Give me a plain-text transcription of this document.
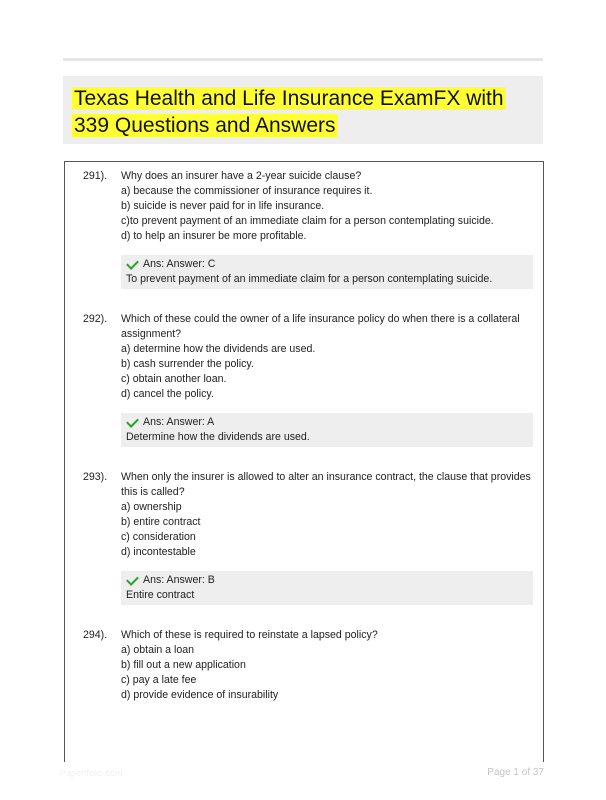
Texas Health and Life Insurance ExamFX with 339 Questions and Answers
291). Why does an insurer have a 2-year suicide clause?

a) because the commissioner of insurance requires it.

b) suicide is never paid for in life insurance.

c)to prevent payment of an immediate claim for a person contemplating suicide.

d) to help an insurer be more profitable.

Ans: Answer: C
To prevent payment of an immediate claim for a person contemplating suicide.
292). Which of these could the owner of a life insurance policy do when there is a collateral assignment?

a) determine how the dividends are used.

b) cash surrender the policy.

c) obtain another loan.

d) cancel the policy.

Ans: Answer: A
Determine how the dividends are used.
293). When only the insurer is allowed to alter an insurance contract, the clause that provides this is called?

a) ownership

b) entire contract

c) consideration

d) incontestable

Ans: Answer: B
Entire contract
294). Which of these is required to reinstate a lapsed policy?

a) obtain a loan

b) fill out a new application

c) pay a late fee

d) provide evidence of insurability

Papertfolio.com	Page 1 of 37
